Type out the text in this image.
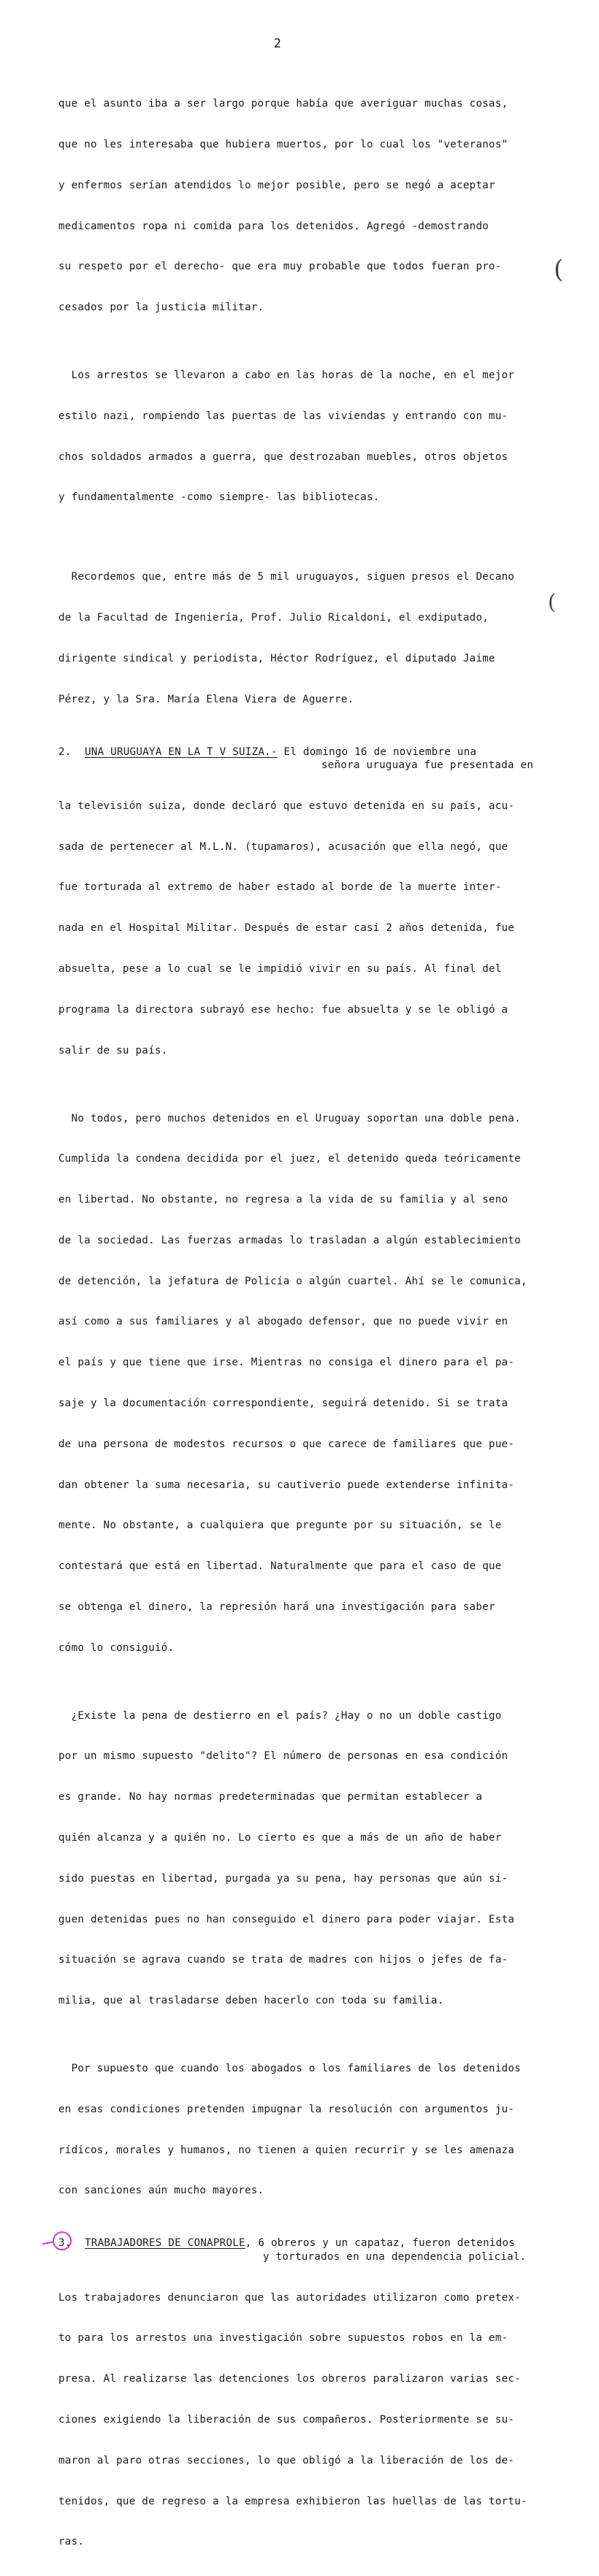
2

que el asunto iba a ser largo porque había que averiguar muchas cosas,

que no les interesaba que hubiera muertos, por lo cual los "veteranos"

y enfermos serían atendidos lo mejor posible, pero se negó a aceptar

medicamentos ropa ni comida para los detenidos. Agregó -demostrando

su respeto por el derecho- que era muy probable que todos fueran pro-

cesados por la justicia militar.

Los arrestos se llevaron a cabo en las horas de la noche, en el mejor

estilo nazi, rompiendo las puertas de las viviendas y entrando con mu-

chos soldados armados a guerra, que destrozaban muebles, otros objetos

y fundamentalmente -como siempre- las bibliotecas.

Recordemos que, entre más de 5 mil uruguayos, siguen presos el Decano

de la Facultad de Ingeniería, Prof. Julio Ricaldoni, el exdiputado,

dirigente sindical y periodista, Héctor Rodríguez, el diputado Jaime

Pérez, y la Sra. María Elena Viera de Aguerre.

2. UNA URUGUAYA EN LA T V SUIZA.- El domingo 16 de noviembre una
señora uruguaya fue presentada en

la televisión suiza, donde declaró que estuvo detenida en su país, acu-

sada de pertenecer al M.L.N. (tupamaros), acusación que ella negó, que

fue torturada al extremo de haber estado al borde de la muerte inter-

nada en el Hospital Militar. Después de estar casi 2 años detenida, fue

absuelta, pese a lo cual se le impidió vivir en su país. Al final del

programa la directora subrayó ese hecho: fue absuelta y se le obligó a

salir de su país.

No todos, pero muchos detenidos en el Uruguay soportan una doble pena.

Cumplida la condena decidida por el juez, el detenido queda teóricamente

en libertad. No obstante, no regresa a la vida de su familia y al seno

de la sociedad. Las fuerzas armadas lo trasladan a algún establecimiento

de detención, la jefatura de Policía o algún cuartel. Ahí se le comunica,

así como a sus familiares y al abogado defensor, que no puede vivir en

el país y que tiene que irse. Mientras no consiga el dinero para el pa-

saje y la documentación correspondiente, seguirá detenido. Si se trata

de una persona de modestos recursos o que carece de familiares que pue-

dan obtener la suma necesaria, su cautiverio puede extenderse infinita-

mente. No obstante, a cualquiera que pregunte por su situación, se le

contestará que está en libertad. Naturalmente que para el caso de que

se obtenga el dinero, la represión hará una investigación para saber

cómo lo consiguió.

¿Existe la pena de destierro en el país? ¿Hay o no un doble castigo

por un mismo supuesto "delito"? El número de personas en esa condición

es grande. No hay normas predeterminadas que permitan establecer a

quién alcanza y a quién no. Lo cierto es que a más de un año de haber

sido puestas en libertad, purgada ya su pena, hay personas que aún si-

guen detenidas pues no han conseguido el dinero para poder viajar. Esta

situación se agrava cuando se trata de madres con hijos o jefes de fa-

milia, que al trasladarse deben hacerlo con toda su familia.

Por supuesto que cuando los abogados o los familiares de los detenidos

en esas condiciones pretenden impugnar la resolución con argumentos ju-

rídicos, morales y humanos, no tienen a quien recurrir y se les amenaza

con sanciones aún mucho mayores.

3. TRABAJADORES DE CONAPROLE, 6 obreros y un capataz, fueron detenidos
y torturados en una dependencia policial.

Los trabajadores denunciaron que las autoridades utilizaron como pretex-

to para los arrestos una investigación sobre supuestos robos en la em-

presa. Al realizarse las detenciones los obreros paralizaron varias sec-

ciones exigiendo la liberación de sus compañeros. Posteriormente se su-

maron al paro otras secciones, lo que obligó a la liberación de los de-

tenidos, que de regreso a la empresa exhibieron las huellas de las tortu-

ras.

(
(
